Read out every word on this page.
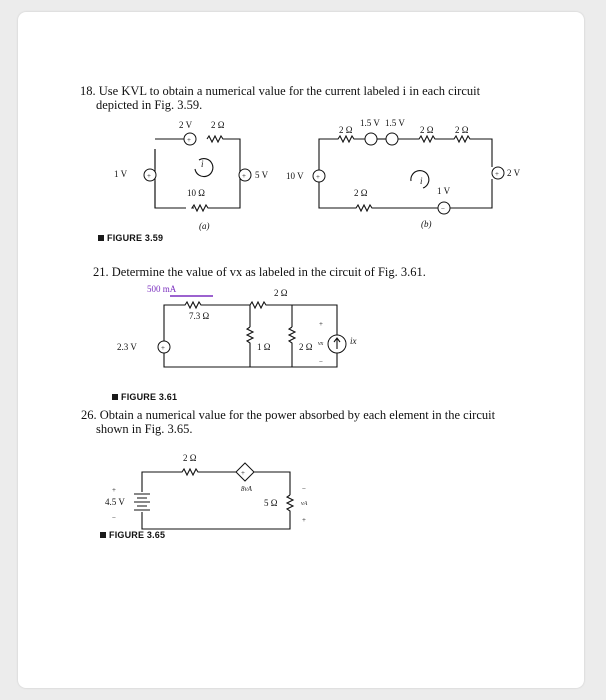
18. Use KVL to obtain a numerical value for the current labeled i in each circuit
depicted in Fig. 3.59.
+
+
+
1 V
2 V 2 Ω
10 Ω
5 V
i
(a)
+	+
−
10 V
2 Ω
1.5 V 1.5 V
2 Ω 2 Ω
2 V
2 Ω	1 V
i
(b)
FIGURE 3.59
21. Determine the value of vx as labeled in the circuit of Fig. 3.61.
+
500 mA
7.3 Ω
2 Ω
2.3 V	1 Ω	2 Ω vx
+
−
ix
FIGURE 3.61
26. Obtain a numerical value for the power absorbed by each element in the circuit
shown in Fig. 3.65.
+
8vA
2 Ω
4.5 V
+
−
5 Ω	vA
−
+
FIGURE 3.65
